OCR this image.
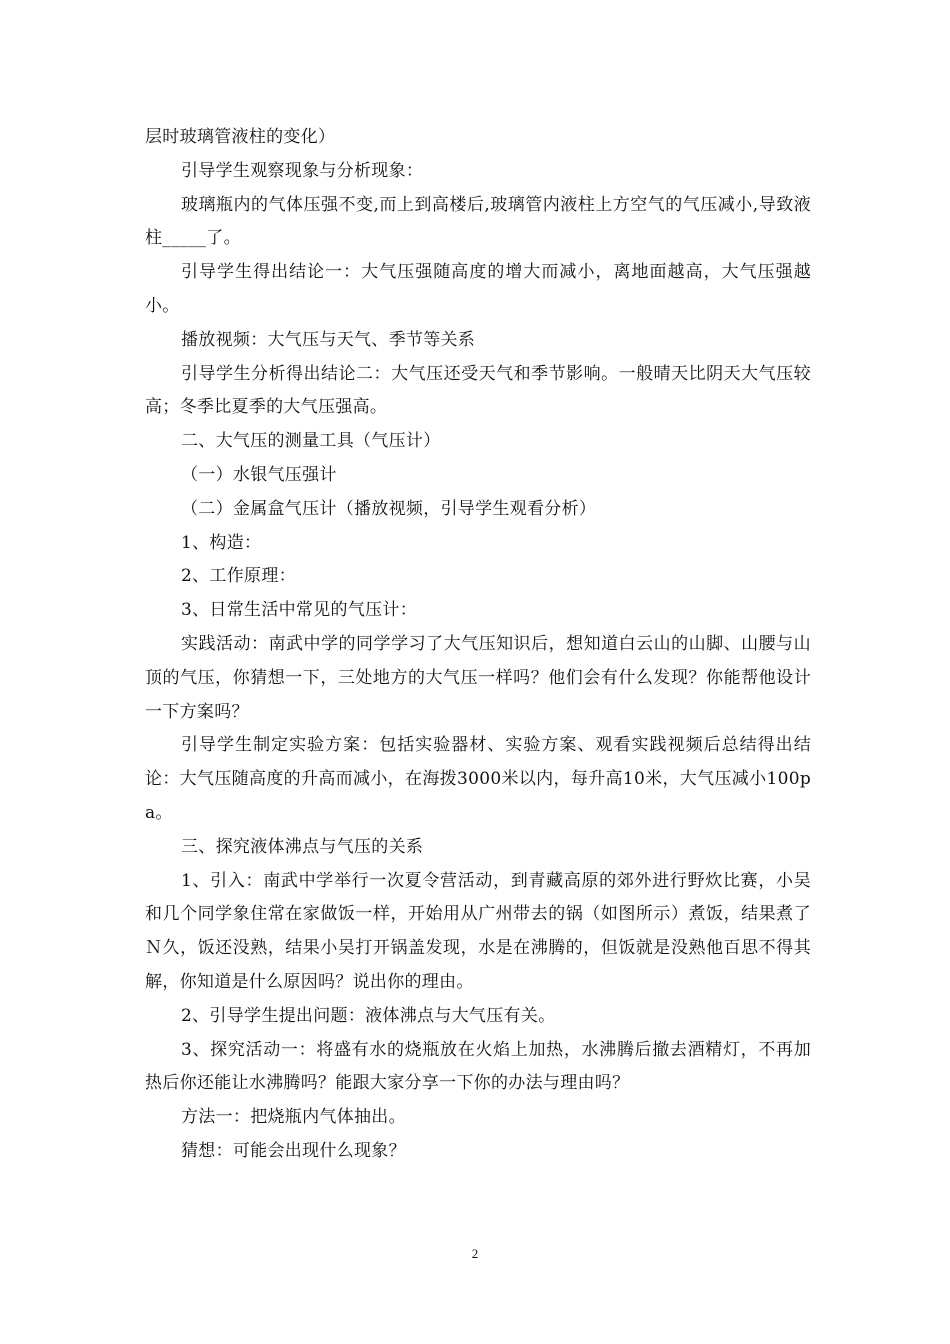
层时玻璃管液柱的变化）

引导学生观察现象与分析现象：

玻璃瓶内的气体压强不变,而上到高楼后,玻璃管内液柱上方空气的气压减小,导致液柱_____了。

引导学生得出结论一：大气压强随高度的增大而减小，离地面越高，大气压强越小。

播放视频：大气压与天气、季节等关系

引导学生分析得出结论二：大气压还受天气和季节影响。一般晴天比阴天大气压较高；冬季比夏季的大气压强高。

二、大气压的测量工具（气压计）

（一）水银气压强计

（二）金属盒气压计（播放视频，引导学生观看分析）

1、构造：

2、工作原理：

3、日常生活中常见的气压计：

实践活动：南武中学的同学学习了大气压知识后，想知道白云山的山脚、山腰与山顶的气压，你猜想一下，三处地方的大气压一样吗？他们会有什么发现？你能帮他设计一下方案吗？

引导学生制定实验方案：包括实验器材、实验方案、观看实践视频后总结得出结论：大气压随高度的升高而减小，在海拨3000米以内，每升高10米，大气压减小100pa。

三、探究液体沸点与气压的关系

1、引入：南武中学举行一次夏令营活动，到青藏高原的郊外进行野炊比赛，小吴和几个同学象住常在家做饭一样，开始用从广州带去的锅（如图所示）煮饭，结果煮了Ｎ久，饭还没熟，结果小吴打开锅盖发现，水是在沸腾的，但饭就是没熟他百思不得其解，你知道是什么原因吗？说出你的理由。

2、引导学生提出问题：液体沸点与大气压有关。

3、探究活动一：将盛有水的烧瓶放在火焰上加热，水沸腾后撤去酒精灯，不再加热后你还能让水沸腾吗？能跟大家分享一下你的办法与理由吗？

方法一：把烧瓶内气体抽出。

猜想：可能会出现什么现象？

2
